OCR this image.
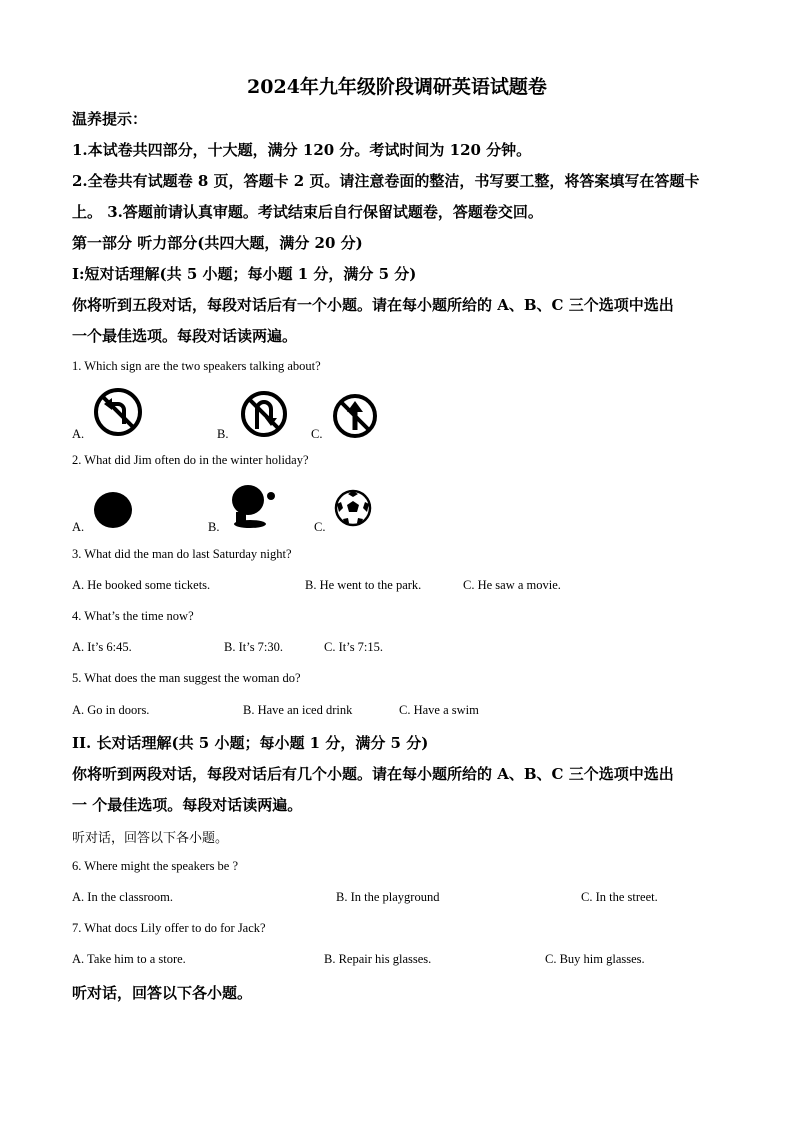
2024年九年级阶段调研英语试题卷
温养提示：
1.本试卷共四部分，十大题，满分 120 分。考试时间为 120 分钟。
2.全卷共有试题卷 8 页，答题卡 2 页。请注意卷面的整洁，书写要工整，将答案填写在答题卡
上。 3.答题前请认真审题。考试结束后自行保留试题卷，答题卷交回。
第一部分 听力部分(共四大题，满分 20 分)
I:短对话理解(共 5 小题；每小题 1 分，满分 5 分)
你将听到五段对话，每段对话后有一个小题。请在每小题所给的 A、B、C 三个选项中选出
一个最佳选项。每段对话读两遍。
1. Which sign are the two speakers talking about?
A.	B.	C.
2. What did Jim often do in the winter holiday?
A.	B.	C.
3. What did the man do last Saturday night?
A. He booked some tickets.	B. He went to the park.	C. He saw a movie.
4. What’s the time now?
A. It’s 6:45.	B. It’s 7:30.	C. It’s 7:15.
5. What does the man suggest the woman do?
A. Go in doors.	B. Have an iced drink	C. Have a swim
II. 长对话理解(共 5 小题；每小题 1 分，满分 5 分)
你将听到两段对话，每段对话后有几个小题。请在每小题所给的 A、B、C 三个选项中选出
一 个最佳选项。每段对话读两遍。
听对话，回答以下各小题。
6. Where might the speakers be ?
A. In the classroom.	B. In the playground	C. In the street.
7. What docs Lily offer to do for Jack?
A. Take him to a store.	B. Repair his glasses.	C. Buy him glasses.
听对话，回答以下各小题。
